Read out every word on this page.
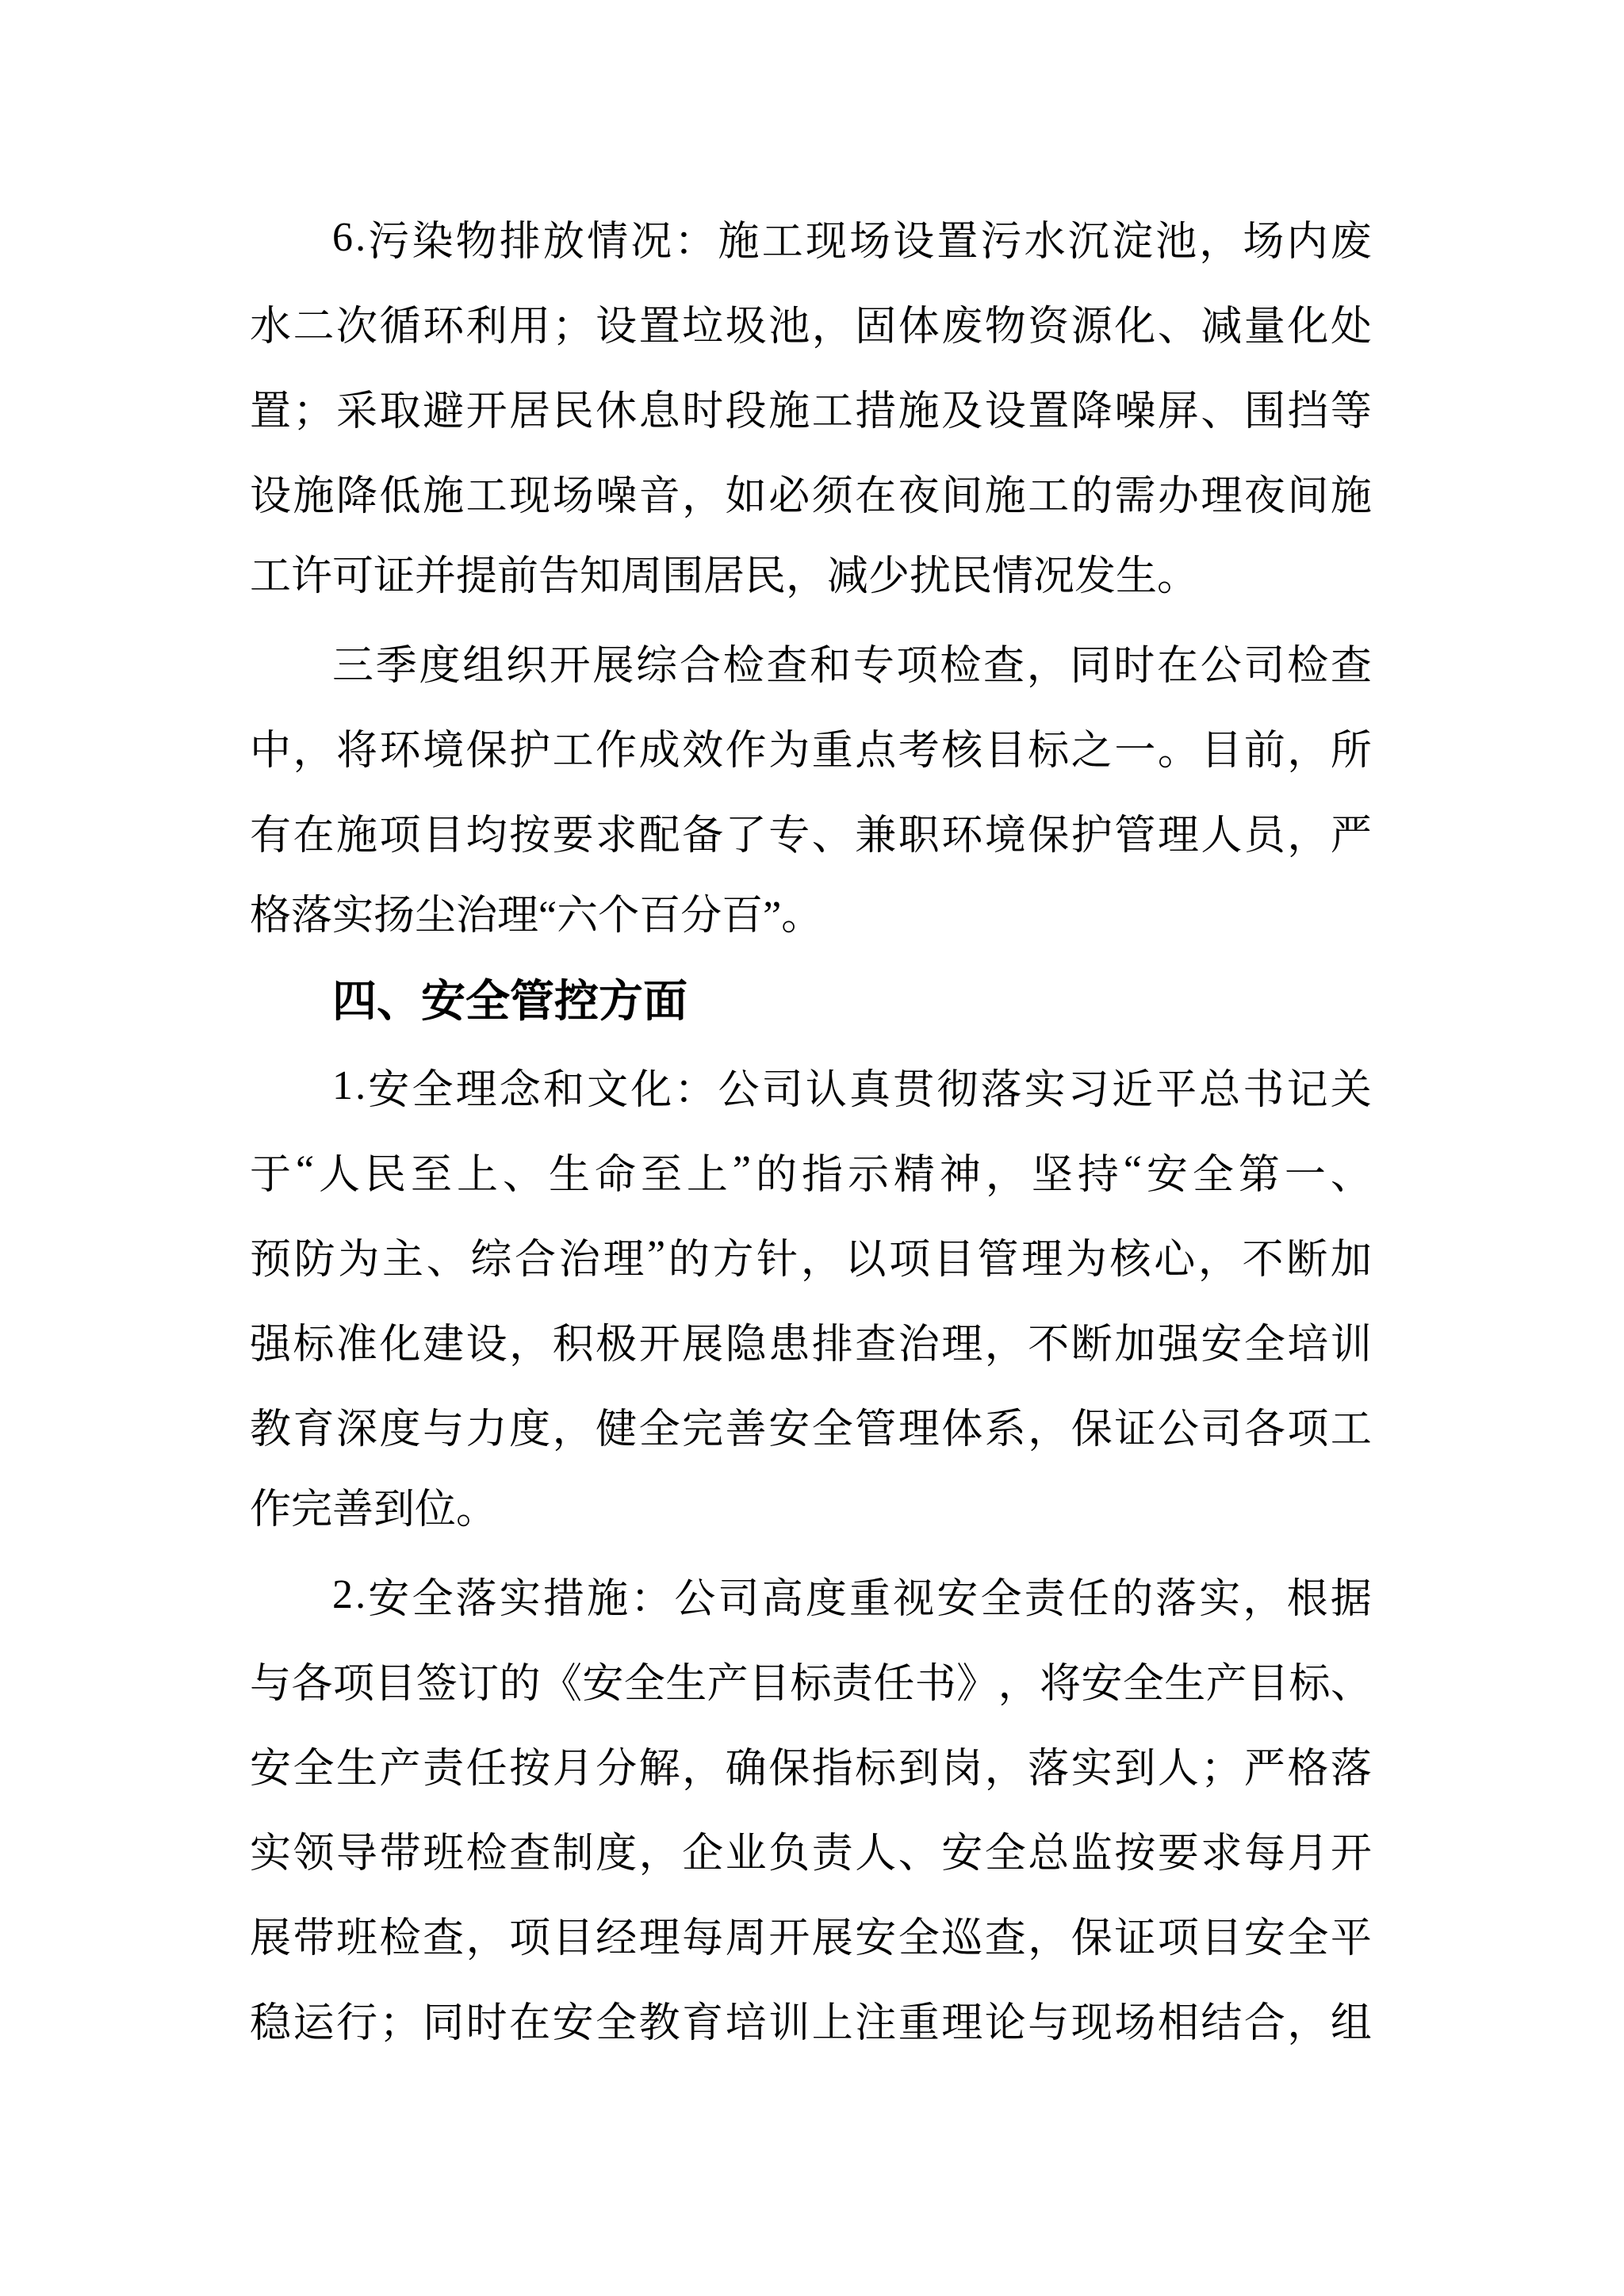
6 . 污 染 物 排 放 情 况 ： 施 工 现 场 设 置 污 水 沉 淀 池 ， 场 内 废
水 二 次 循 环 利 用 ； 设 置 垃 圾 池 ， 固 体 废 物 资 源 化 、 减 量 化 处
置 ； 采 取 避 开 居 民 休 息 时 段 施 工 措 施 及 设 置 降 噪 屏 、 围 挡 等
设 施 降 低 施 工 现 场 噪 音 ， 如 必 须 在 夜 间 施 工 的 需 办 理 夜 间 施
工许可证并提前告知周围居民，减少扰民情况发生。
三 季 度 组 织 开 展 综 合 检 查 和 专 项 检 查 ， 同 时 在 公 司 检 查
中 ， 将 环 境 保 护 工 作 成 效 作 为 重 点 考 核 目 标 之 一 。 目 前 ， 所
有 在 施 项 目 均 按 要 求 配 备 了 专 、 兼 职 环 境 保 护 管 理 人 员 ， 严
格落实扬尘治理“六个百分百”。
四、安全管控方面
1 . 安 全 理 念 和 文 化 ： 公 司 认 真 贯 彻 落 实 习 近 平 总 书 记 关
于 “ 人 民 至 上 、 生 命 至 上 ” 的 指 示 精 神 ， 坚 持 “ 安 全 第 一 、
预 防 为 主 、 综 合 治 理 ” 的 方 针 ， 以 项 目 管 理 为 核 心 ， 不 断 加
强 标 准 化 建 设 ， 积 极 开 展 隐 患 排 查 治 理 ， 不 断 加 强 安 全 培 训
教 育 深 度 与 力 度 ， 健 全 完 善 安 全 管 理 体 系 ， 保 证 公 司 各 项 工
作完善到位。
2 . 安 全 落 实 措 施 ： 公 司 高 度 重 视 安 全 责 任 的 落 实 ， 根 据
与 各 项 目 签 订 的 《 安 全 生 产 目 标 责 任 书 》 ， 将 安 全 生 产 目 标 、
安 全 生 产 责 任 按 月 分 解 ， 确 保 指 标 到 岗 ， 落 实 到 人 ； 严 格 落
实 领 导 带 班 检 查 制 度 ， 企 业 负 责 人 、 安 全 总 监 按 要 求 每 月 开
展 带 班 检 查 ， 项 目 经 理 每 周 开 展 安 全 巡 查 ， 保 证 项 目 安 全 平
稳 运 行 ； 同 时 在 安 全 教 育 培 训 上 注 重 理 论 与 现 场 相 结 合 ， 组
